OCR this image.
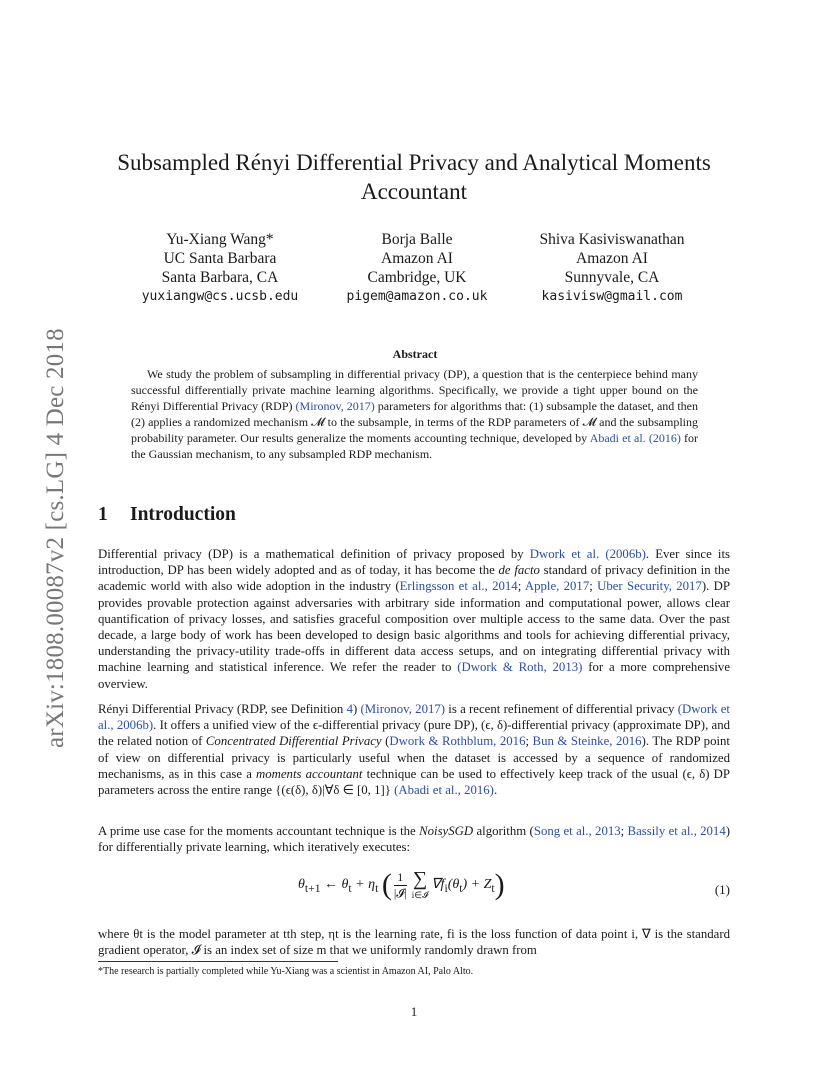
arXiv:1808.00087v2 [cs.LG] 4 Dec 2018
Subsampled Rényi Differential Privacy and Analytical Moments
Accountant
Yu-Xiang Wang*
UC Santa Barbara
Santa Barbara, CA
yuxiangw@cs.ucsb.edu
Borja Balle
Amazon AI
Cambridge, UK
pigem@amazon.co.uk
Shiva Kasiviswanathan
Amazon AI
Sunnyvale, CA
kasivisw@gmail.com
Abstract

We study the problem of subsampling in differential privacy (DP), a question that is the centerpiece behind many successful differentially private machine learning algorithms. Specifically, we provide a tight upper bound on the Rényi Differential Privacy (RDP) (Mironov, 2017) parameters for algorithms that: (1) subsample the dataset, and then (2) applies a randomized mechanism 𝓜 to the subsample, in terms of the RDP parameters of 𝓜 and the subsampling probability parameter. Our results generalize the moments accounting technique, developed by Abadi et al. (2016) for the Gaussian mechanism, to any subsampled RDP mechanism.

1 Introduction

Differential privacy (DP) is a mathematical definition of privacy proposed by Dwork et al. (2006b). Ever since its introduction, DP has been widely adopted and as of today, it has become the de facto standard of privacy definition in the academic world with also wide adoption in the industry (Erlingsson et al., 2014; Apple, 2017; Uber Security, 2017). DP provides provable protection against adversaries with arbitrary side information and computational power, allows clear quantification of privacy losses, and satisfies graceful composition over multiple access to the same data. Over the past decade, a large body of work has been developed to design basic algorithms and tools for achieving differential privacy, understanding the privacy-utility trade-offs in different data access setups, and on integrating differential privacy with machine learning and statistical inference. We refer the reader to (Dwork & Roth, 2013) for a more comprehensive overview.

Rényi Differential Privacy (RDP, see Definition 4) (Mironov, 2017) is a recent refinement of differential privacy (Dwork et al., 2006b). It offers a unified view of the ϵ-differential privacy (pure DP), (ϵ, δ)-differential privacy (approximate DP), and the related notion of Concentrated Differential Privacy (Dwork & Rothblum, 2016; Bun & Steinke, 2016). The RDP point of view on differential privacy is particularly useful when the dataset is accessed by a sequence of randomized mechanisms, as in this case a moments accountant technique can be used to effectively keep track of the usual (ϵ, δ) DP parameters across the entire range {(ϵ(δ), δ)|∀δ ∈ [0, 1]} (Abadi et al., 2016).

A prime use case for the moments accountant technique is the NoisySGD algorithm (Song et al., 2013; Bassily et al., 2014) for differentially private learning, which iteratively executes:

$\theta_{t+1}$ ← $\theta_t + \eta_t$ ( $\frac{1}{\text{|𝓘|}}$ ∑
i∈𝓘
$\nabla f_i(\theta_t) + Z_t$)	(1)

where θt is the model parameter at tth step, ηt is the learning rate, fi is the loss function of data point i, ∇ is the standard gradient operator, 𝓘 is an index set of size m that we uniformly randomly drawn from

*The research is partially completed while Yu-Xiang was a scientist in Amazon AI, Palo Alto.
1
